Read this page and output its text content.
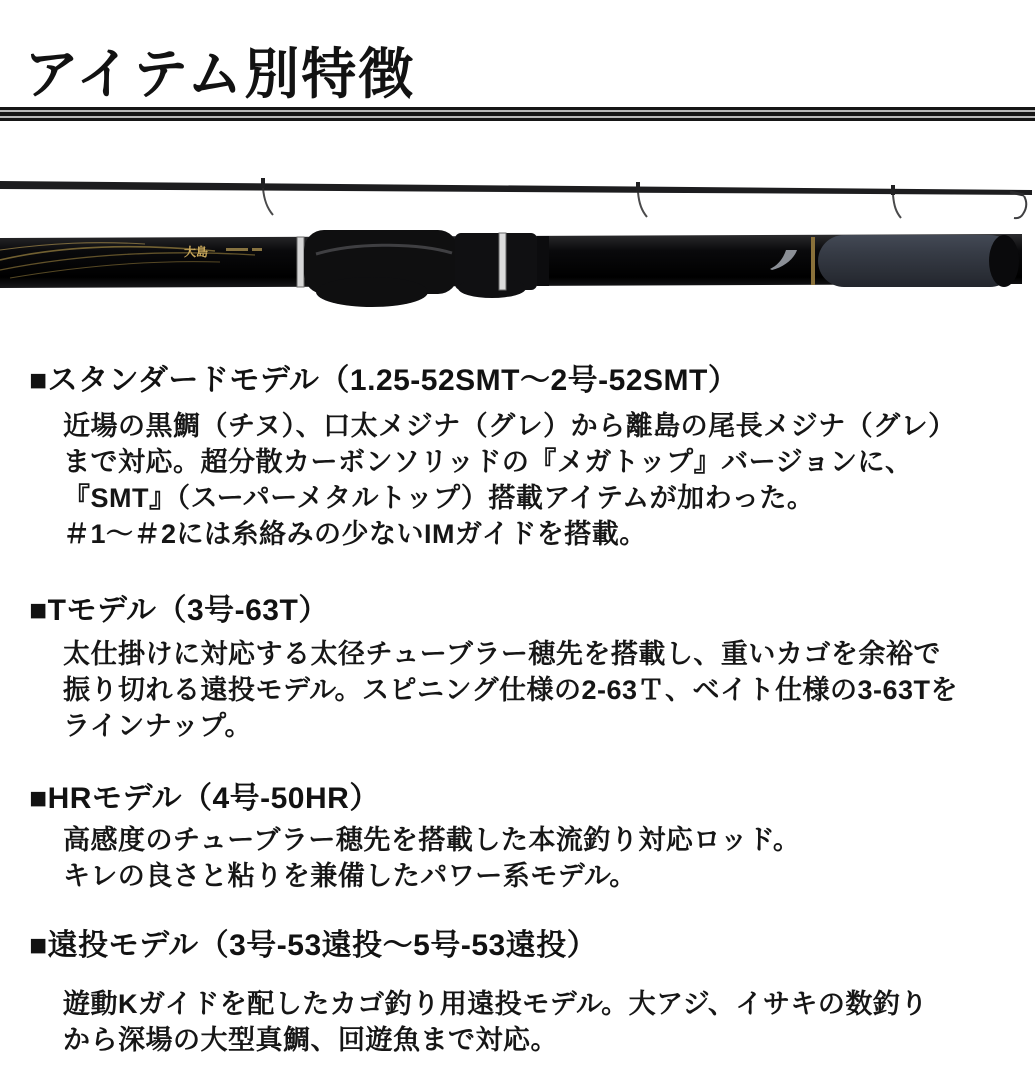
アイテム別特徴
大島
■スタンダードモデル（1.25-52SMT〜2号-52SMT）
近場の黒鯛（チヌ）、口太メジナ（グレ）から離島の尾長メジナ（グレ）
まで対応。超分散カーボンソリッドの『メガトップ』バージョンに、
『SMT』（スーパーメタルトップ）搭載アイテムが加わった。
＃1〜＃2には糸絡みの少ないIMガイドを搭載。
■Tモデル（3号-63T）
太仕掛けに対応する太径チューブラー穂先を搭載し、重いカゴを余裕で
振り切れる遠投モデル。スピニング仕様の2-63Ｔ、ベイト仕様の3-63Tを
ラインナップ。
■HRモデル（4号-50HR）
高感度のチューブラー穂先を搭載した本流釣り対応ロッド。
キレの良さと粘りを兼備したパワー系モデル。
■遠投モデル（3号-53遠投〜5号-53遠投）
遊動Kガイドを配したカゴ釣り用遠投モデル。大アジ、イサキの数釣り
から深場の大型真鯛、回遊魚まで対応。
